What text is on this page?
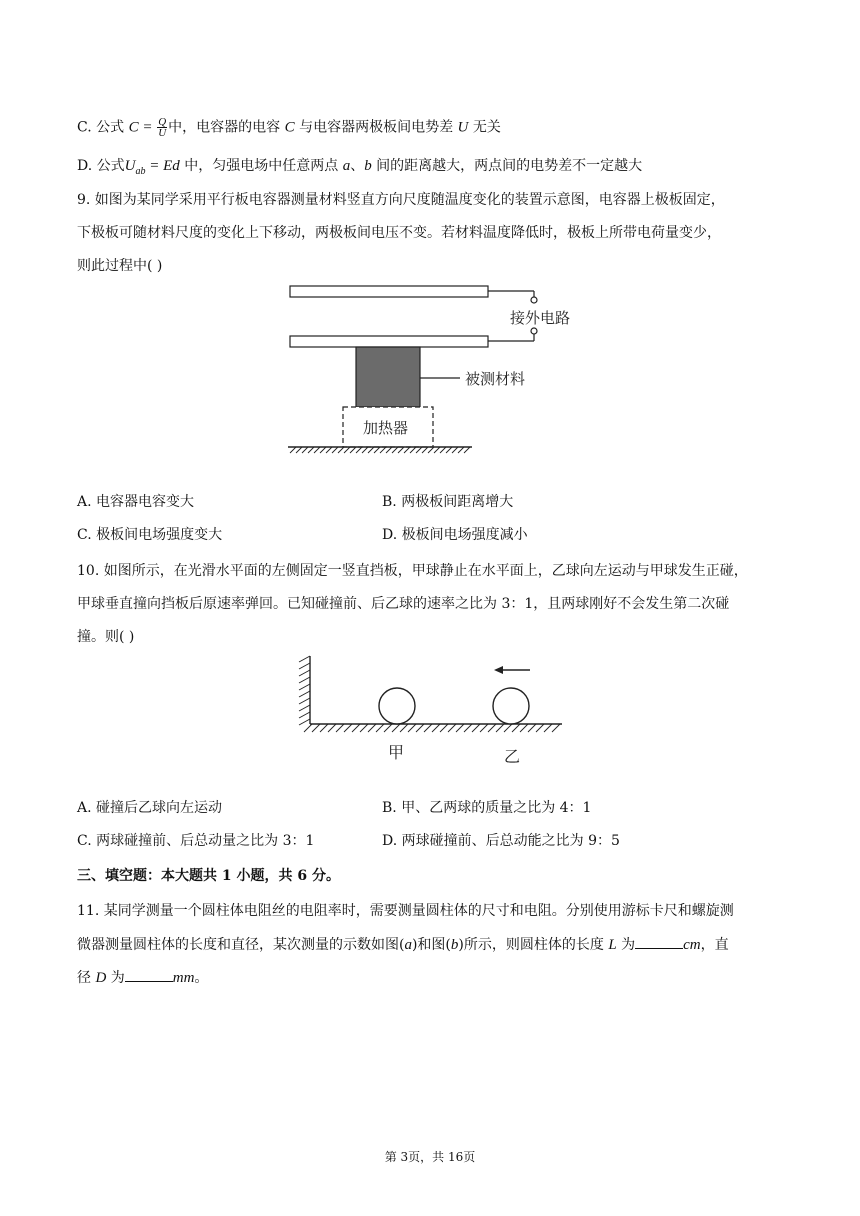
C. 公式 $C = \frac{Q}{U}$ 中，电容器的电容 C 与电容器两极板间电势差 U 无关
D. 公式$U_{ab} = Ed$ 中，匀强电场中任意两点 a、b 间的距离越大，两点间的电势差不一定越大
9. 如图为某同学采用平行板电容器测量材料竖直方向尺度随温度变化的装置示意图，电容器上极板固定，
下极板可随材料尺度的变化上下移动，两极板间电压不变。若材料温度降低时，极板上所带电荷量变少，
则此过程中( )
接外电路
被测材料
加热器
A. 电容器电容变大	B. 两极板间距离增大
C. 极板间电场强度变大	D. 极板间电场强度减小
10. 如图所示，在光滑水平面的左侧固定一竖直挡板，甲球静止在水平面上，乙球向左运动与甲球发生正碰，
甲球垂直撞向挡板后原速率弹回。已知碰撞前、后乙球的速率之比为 3：1，且两球刚好不会发生第二次碰
撞。则( )
甲	乙
A. 碰撞后乙球向左运动	B. 甲、乙两球的质量之比为 4：1
C. 两球碰撞前、后总动量之比为 3：1	D. 两球碰撞前、后总动能之比为 9：5
三、填空题：本大题共 1 小题，共 6 分。
11. 某同学测量一个圆柱体电阻丝的电阻率时，需要测量圆柱体的尺寸和电阻。分别使用游标卡尺和螺旋测
微器测量圆柱体的长度和直径，某次测量的示数如图(a)和图(b)所示，则圆柱体的长度 L 为	cm，直
径 D 为	mm。
第 3页，共 16页
